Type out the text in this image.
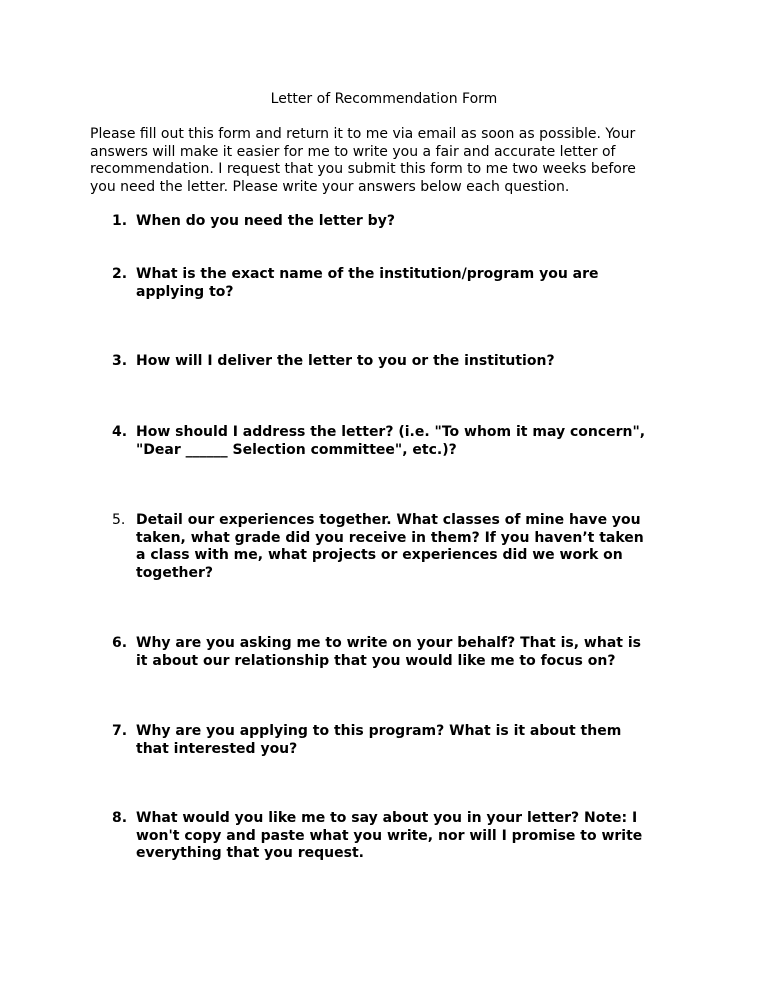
Letter of Recommendation Form
Please fill out this form and return it to me via email as soon as possible. Your
answers will make it easier for me to write you a fair and accurate letter of
recommendation. I request that you submit this form to me two weeks before
you need the letter. Please write your answers below each question.
1. When do you need the letter by?
2. What is the exact name of the institution/program you are
applying to?
3. How will I deliver the letter to you or the institution?
4. How should I address the letter? (i.e. "To whom it may concern",
"Dear ______ Selection committee", etc.)?
5. Detail our experiences together. What classes of mine have you
taken, what grade did you receive in them? If you haven’t taken
a class with me, what projects or experiences did we work on
together?
6. Why are you asking me to write on your behalf? That is, what is
it about our relationship that you would like me to focus on?
7. Why are you applying to this program? What is it about them
that interested you?
8. What would you like me to say about you in your letter? Note: I
won't copy and paste what you write, nor will I promise to write
everything that you request.
